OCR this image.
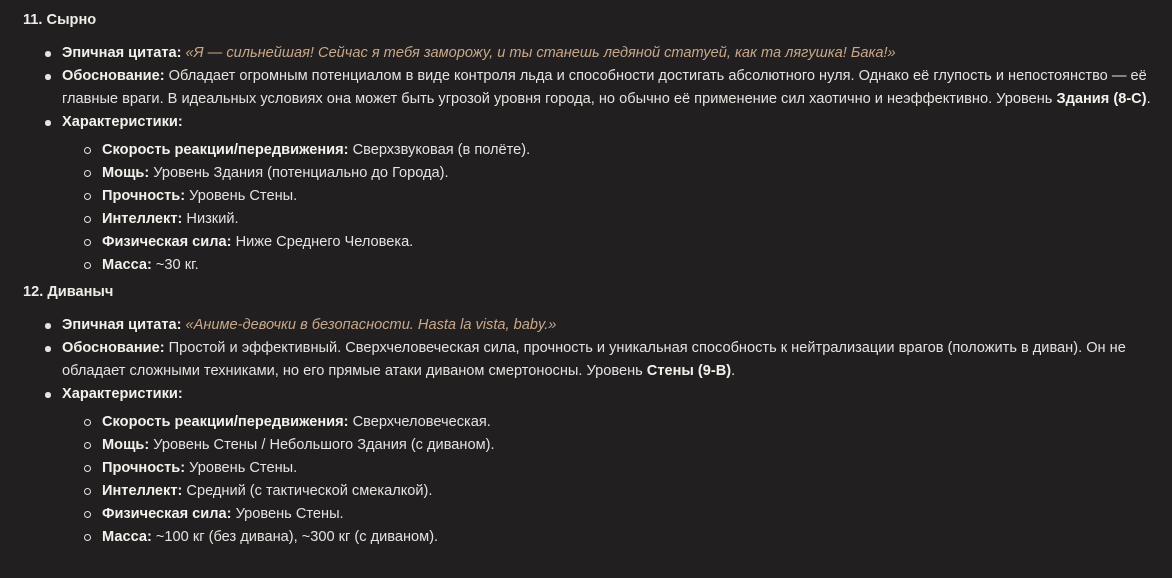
11. Сырно
Эпичная цитата: «Я — сильнейшая! Сейчас я тебя заморожу, и ты станешь ледяной статуей, как та лягушка! Бака!»
Обоснование: Обладает огромным потенциалом в виде контроля льда и способности достигать абсолютного нуля. Однако её глупость и непостоянство — её главные враги. В идеальных условиях она может быть угрозой уровня города, но обычно её применение сил хаотично и неэффективно. Уровень Здания (8-C).
Характеристики:
Скорость реакции/передвижения: Сверхзвуковая (в полёте).
Мощь: Уровень Здания (потенциально до Города).
Прочность: Уровень Стены.
Интеллект: Низкий.
Физическая сила: Ниже Среднего Человека.
Масса: ~30 кг.
12. Диваныч
Эпичная цитата: «Аниме-девочки в безопасности. Hasta la vista, baby.»
Обоснование: Простой и эффективный. Сверхчеловеческая сила, прочность и уникальная способность к нейтрализации врагов (положить в диван). Он не обладает сложными техниками, но его прямые атаки диваном смертоносны. Уровень Стены (9-B).
Характеристики:
Скорость реакции/передвижения: Сверхчеловеческая.
Мощь: Уровень Стены / Небольшого Здания (с диваном).
Прочность: Уровень Стены.
Интеллект: Средний (с тактической смекалкой).
Физическая сила: Уровень Стены.
Масса: ~100 кг (без дивана), ~300 кг (с диваном).
